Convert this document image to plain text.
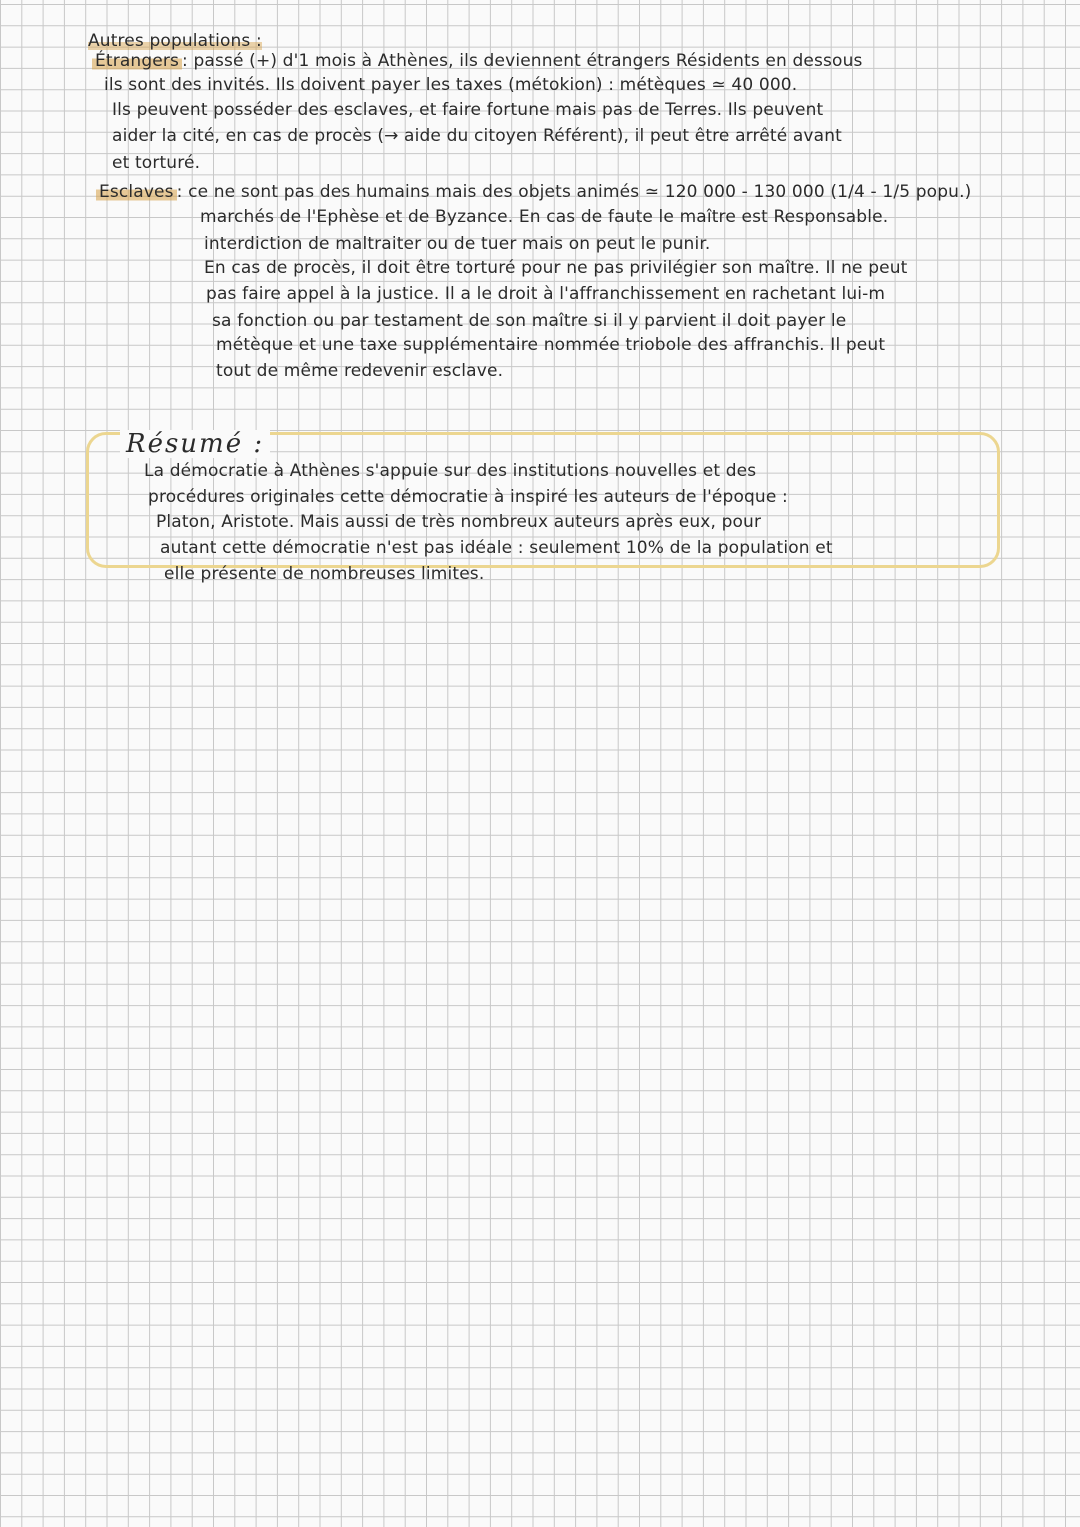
Autres populations :
Étrangers : passé (+) d'1 mois à Athènes, ils deviennent étrangers Résidents en dessous
ils sont des invités. Ils doivent payer les taxes (métokion) : métèques ≃ 40 000.
Ils peuvent posséder des esclaves, et faire fortune mais pas de Terres. Ils peuvent
aider la cité, en cas de procès (→ aide du citoyen Référent), il peut être arrêté avant
et torturé.
Esclaves : ce ne sont pas des humains mais des objets animés ≃ 120 000 - 130 000 (1/4 - 1/5 popu.)
marchés de l'Ephèse et de Byzance. En cas de faute le maître est Responsable.
interdiction de maltraiter ou de tuer mais on peut le punir.
En cas de procès, il doit être torturé pour ne pas privilégier son maître. Il ne peut
pas faire appel à la justice. Il a le droit à l'affranchissement en rachetant lui-m
sa fonction ou par testament de son maître si il y parvient il doit payer le
métèque et une taxe supplémentaire nommée triobole des affranchis. Il peut
tout de même redevenir esclave.
Résumé :
La démocratie à Athènes s'appuie sur des institutions nouvelles et des
procédures originales cette démocratie à inspiré les auteurs de l'époque :
Platon, Aristote. Mais aussi de très nombreux auteurs après eux, pour
autant cette démocratie n'est pas idéale : seulement 10% de la population et
elle présente de nombreuses limites.
